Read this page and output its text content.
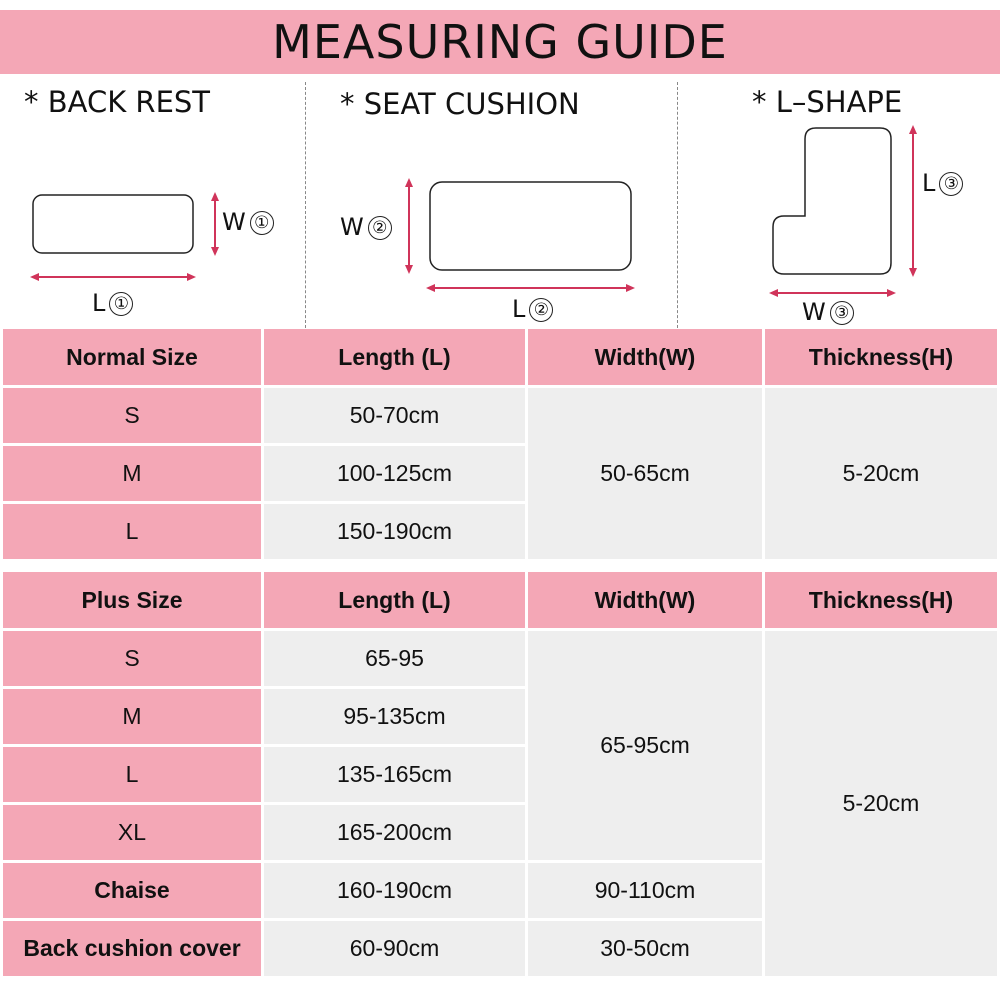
MEASURING GUIDE
* BACK REST	* SEAT CUSHION	* L–SHAPE
W ①
L ①
W ②
L ②
L ③
W ③
Normal Size	Length (L)	Width(W)	Thickness(H)
S	50-70cm	50-65cm	5-20cm
M	100-125cm		
L	150-190cm		
Plus Size	Length (L)	Width(W)	Thickness(H)
S	65-95	65-95cm	5-20cm
M	95-135cm		
L	135-165cm		
XL	165-200cm		
Chaise	160-190cm	90-110cm	
Back cushion cover	60-90cm	30-50cm	
